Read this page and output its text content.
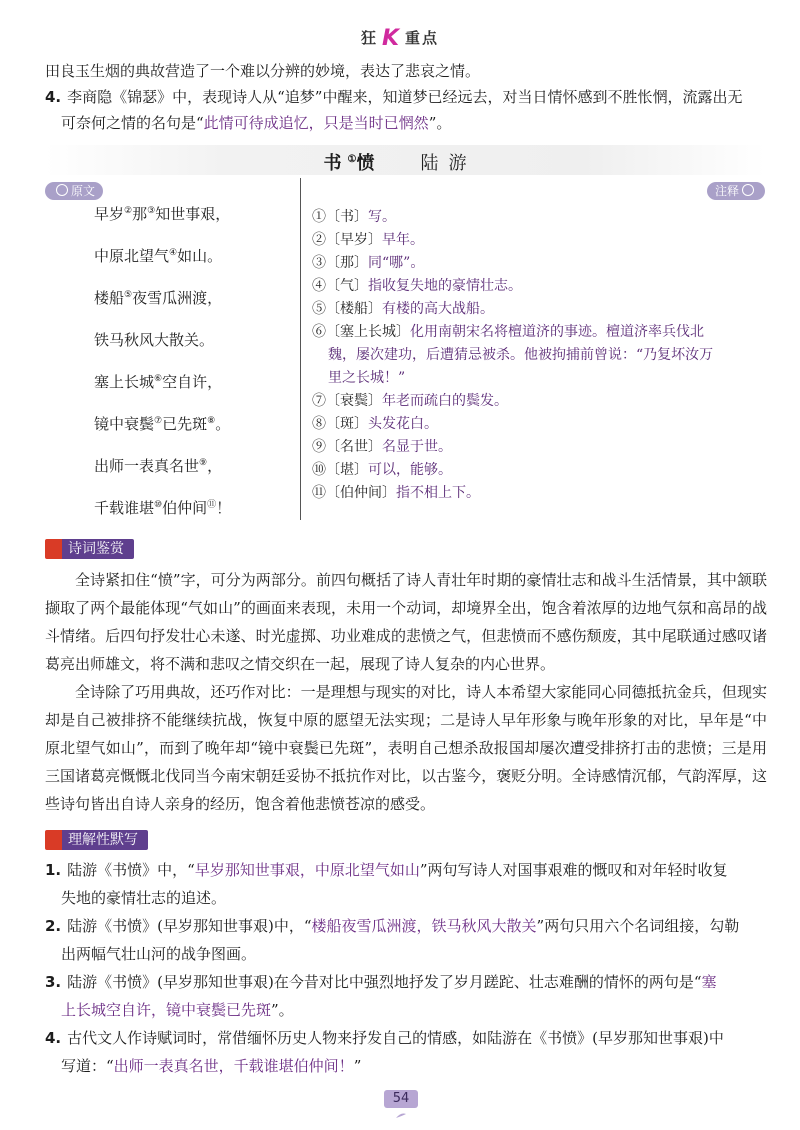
狂 K 重点

田良玉生烟的典故营造了一个难以分辨的妙境，表达了悲哀之情。

4. 李商隐《锦瑟》中，表现诗人从“追梦”中醒来，知道梦已经远去，对当日情怀感到不胜怅惘，流露出无

可奈何之情的名句是“此情可待成追忆，只是当时已惘然”。

书①愤 陆游
原文	注释
早岁②那③知世事艰，
中原北望气④如山。
楼船⑤夜雪瓜洲渡，
铁马秋风大散关。
塞上长城⑥空自许，
镜中衰鬓⑦已先斑⑧。
出师一表真名世⑨，
千载谁堪⑩伯仲间⑪！
①〔书〕写。
②〔早岁〕早年。
③〔那〕同“哪”。
④〔气〕指收复失地的豪情壮志。
⑤〔楼船〕有楼的高大战船。
⑥〔塞上长城〕化用南朝宋名将檀道济的事迹。檀道济率兵伐北
魏，屡次建功，后遭猜忌被杀。他被拘捕前曾说：“乃复坏汝万
里之长城！”
⑦〔衰鬓〕年老而疏白的鬓发。
⑧〔斑〕头发花白。
⑨〔名世〕名显于世。
⑩〔堪〕可以，能够。
⑪〔伯仲间〕指不相上下。
诗词鉴赏

全诗紧扣住“愤”字，可分为两部分。前四句概括了诗人青壮年时期的豪情壮志和战斗生活情景，其中颔联撷取了两个最能体现“气如山”的画面来表现，未用一个动词，却境界全出，饱含着浓厚的边地气氛和高昂的战斗情绪。后四句抒发壮心未遂、时光虚掷、功业难成的悲愤之气，但悲愤而不感伤颓废，其中尾联通过感叹诸葛亮出师雄文，将不满和悲叹之情交织在一起，展现了诗人复杂的内心世界。

全诗除了巧用典故，还巧作对比：一是理想与现实的对比，诗人本希望大家能同心同德抵抗金兵，但现实却是自己被排挤不能继续抗战，恢复中原的愿望无法实现；二是诗人早年形象与晚年形象的对比，早年是“中原北望气如山”，而到了晚年却“镜中衰鬓已先斑”，表明自己想杀敌报国却屡次遭受排挤打击的悲愤；三是用三国诸葛亮慨慨北伐同当今南宋朝廷妥协不抵抗作对比，以古鉴今，褒贬分明。全诗感情沉郁，气韵浑厚，这些诗句皆出自诗人亲身的经历，饱含着他悲愤苍凉的感受。

理解性默写

1. 陆游《书愤》中，“早岁那知世事艰，中原北望气如山”两句写诗人对国事艰难的慨叹和对年轻时收复

失地的豪情壮志的追述。

2. 陆游《书愤》(早岁那知世事艰)中，“楼船夜雪瓜洲渡，铁马秋风大散关”两句只用六个名词组接，勾勒

出两幅气壮山河的战争图画。

3. 陆游《书愤》(早岁那知世事艰)在今昔对比中强烈地抒发了岁月蹉跎、壮志难酬的情怀的两句是“塞

上长城空自许，镜中衰鬓已先斑”。

4. 古代文人作诗赋词时，常借缅怀历史人物来抒发自己的情感，如陆游在《书愤》(早岁那知世事艰)中

写道：“出师一表真名世，千载谁堪伯仲间！”

54
